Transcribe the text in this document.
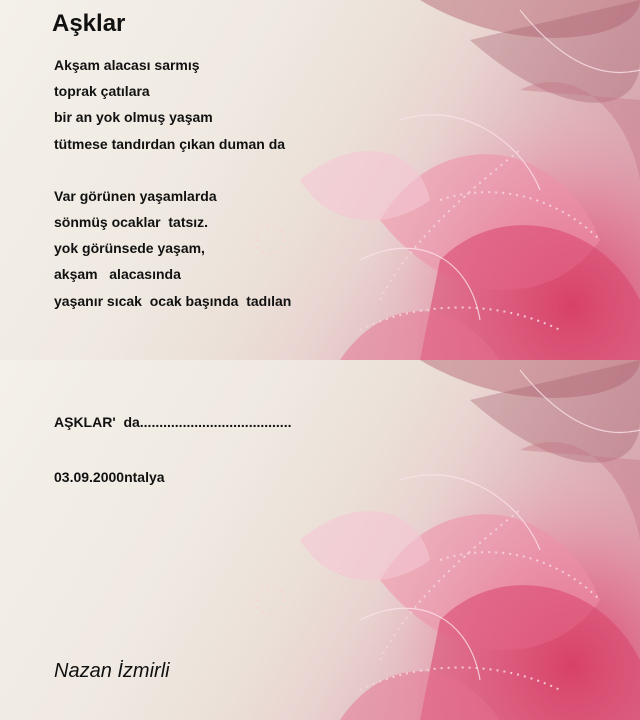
Aşklar
Akşam alacası sarmış
toprak çatılara
bir an yok olmuş yaşam
tütmese tandırdan çıkan duman da
Var görünen yaşamlarda
sönmüş ocaklar  tatsız.
yok görünsede yaşam,
akşam   alacasında
yaşanır sıcak  ocak başında  tadılan
AŞKLAR'  da.......................................
03.09.2000ntalya
Nazan İzmirli
